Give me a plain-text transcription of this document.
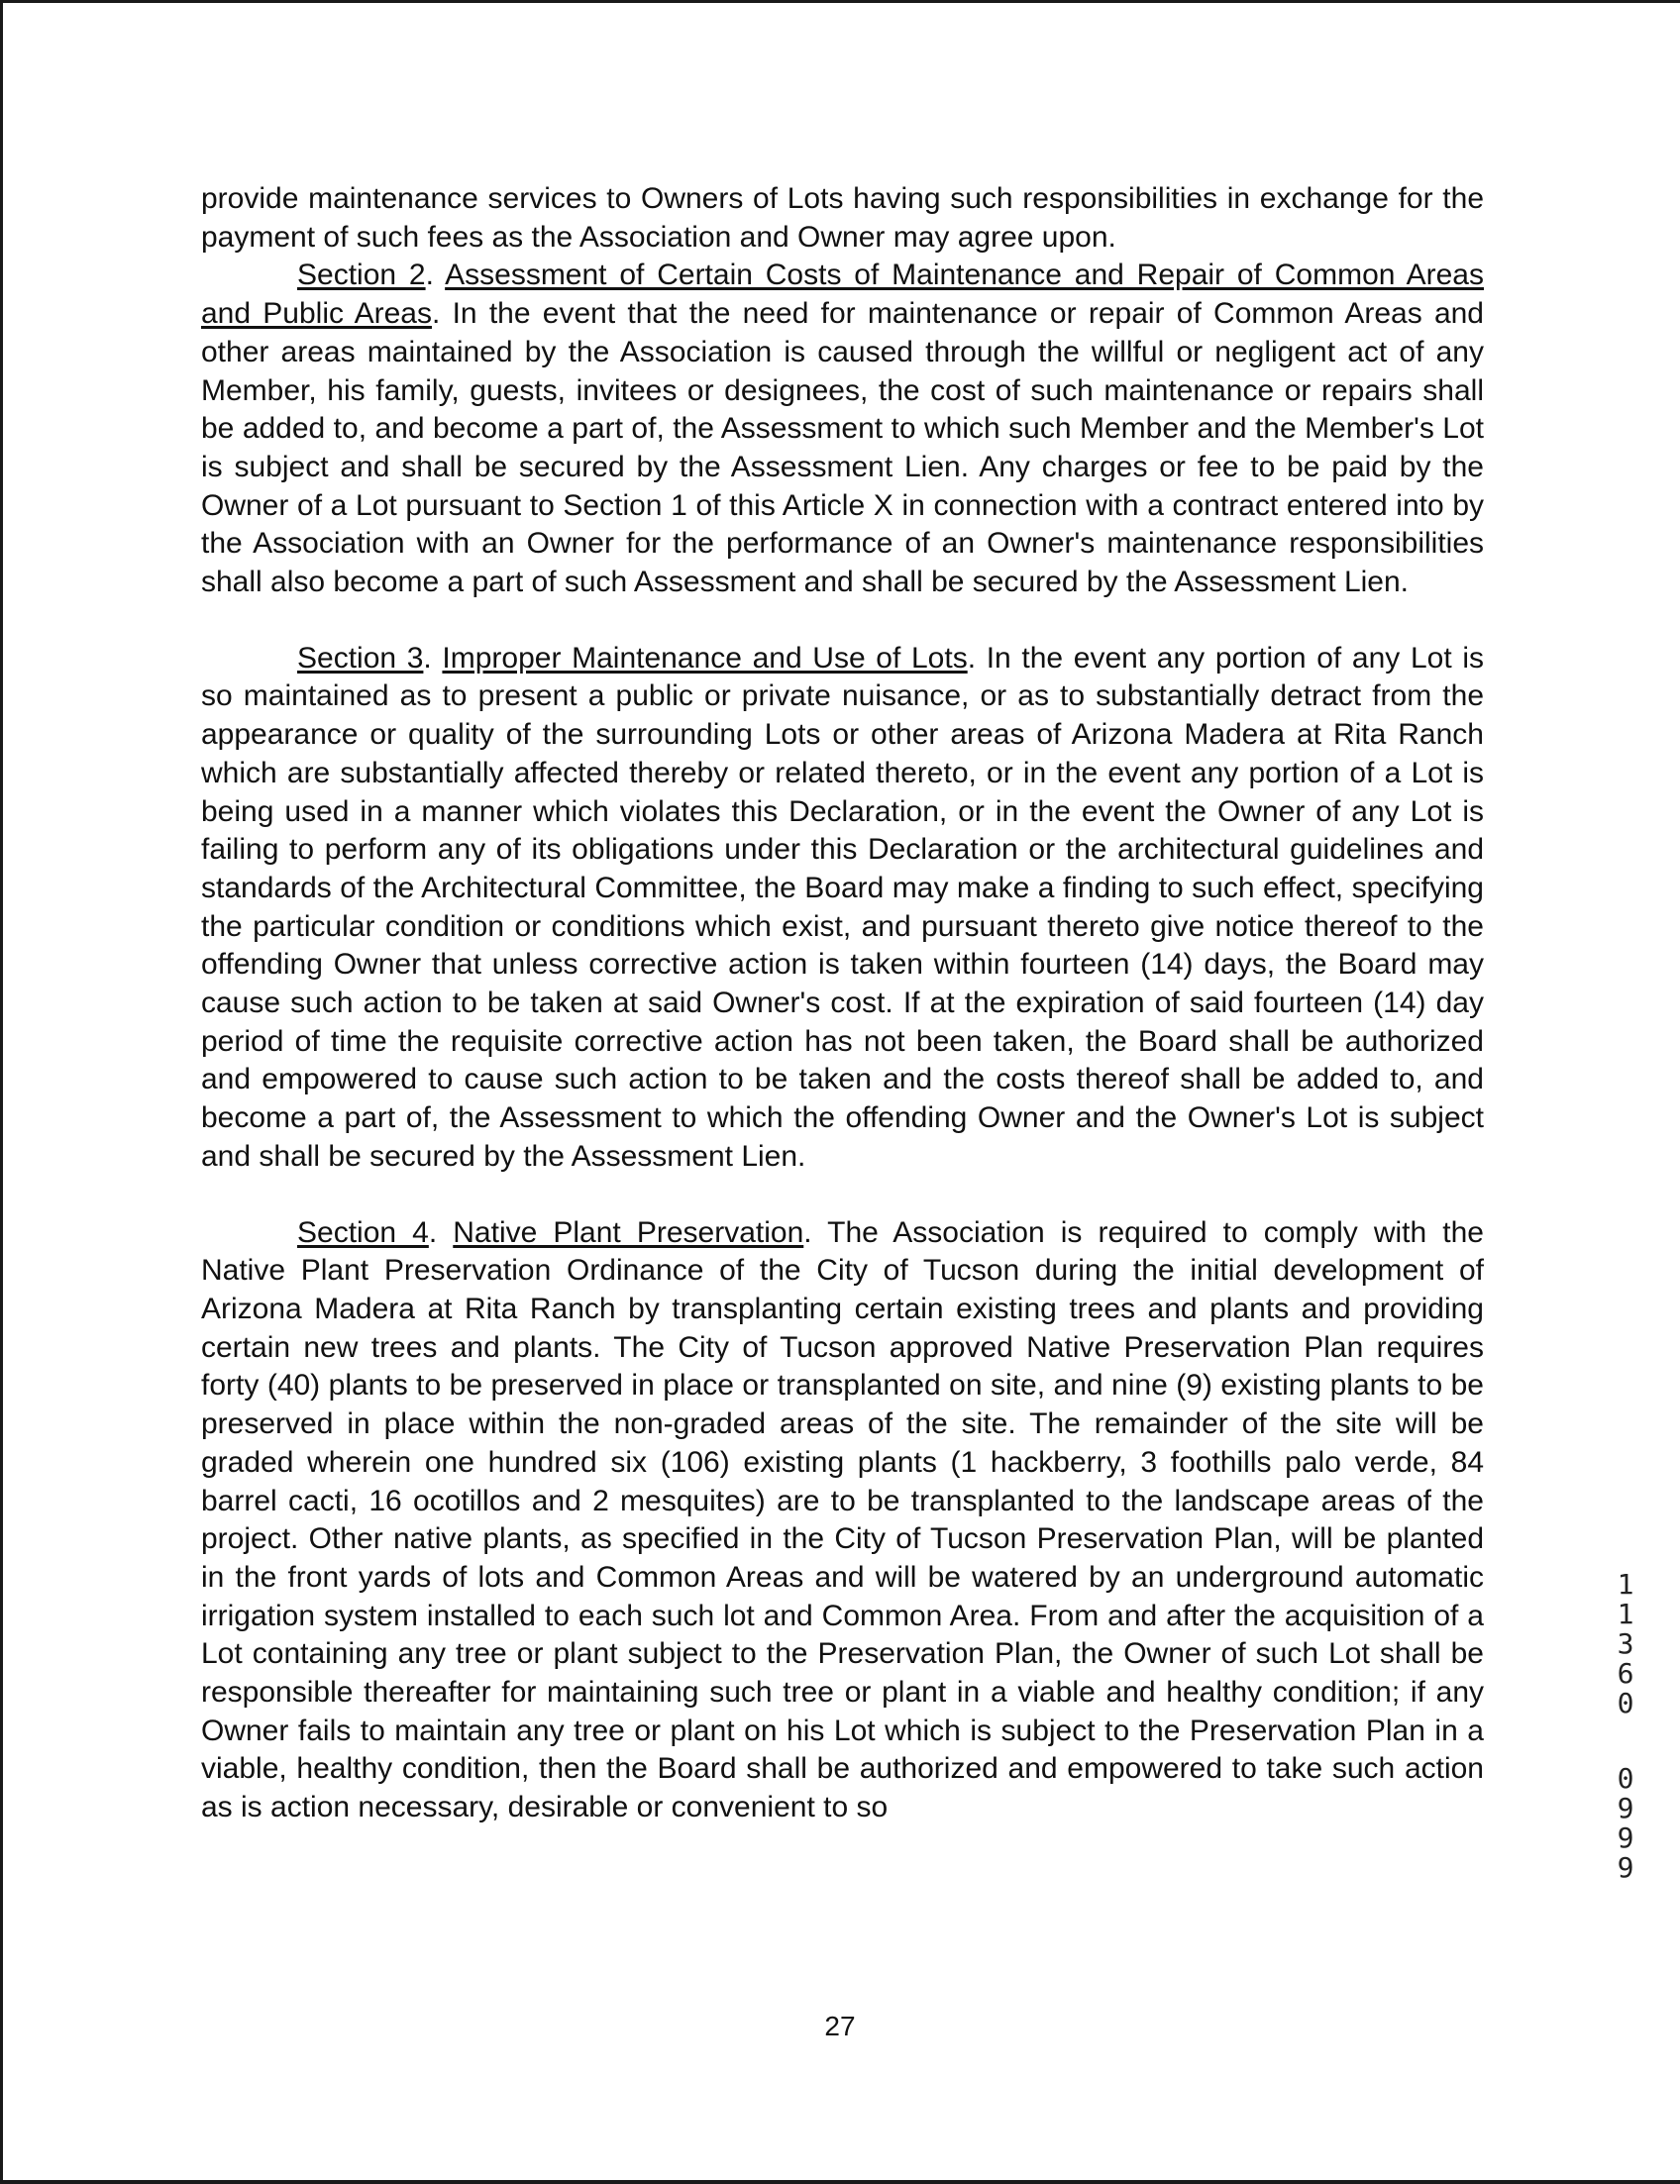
provide maintenance services to Owners of Lots having such responsibilities in exchange for the payment of such fees as the Association and Owner may agree upon.

Section 2. Assessment of Certain Costs of Maintenance and Repair of Common Areas and Public Areas. In the event that the need for maintenance or repair of Common Areas and other areas maintained by the Association is caused through the willful or negligent act of any Member, his family, guests, invitees or designees, the cost of such maintenance or repairs shall be added to, and become a part of, the Assessment to which such Member and the Member's Lot is subject and shall be secured by the Assessment Lien. Any charges or fee to be paid by the Owner of a Lot pursuant to Section 1 of this Article X in connection with a contract entered into by the Association with an Owner for the performance of an Owner's maintenance responsibilities shall also become a part of such Assessment and shall be secured by the Assessment Lien.

Section 3. Improper Maintenance and Use of Lots. In the event any portion of any Lot is so maintained as to present a public or private nuisance, or as to substantially detract from the appearance or quality of the surrounding Lots or other areas of Arizona Madera at Rita Ranch which are substantially affected thereby or related thereto, or in the event any portion of a Lot is being used in a manner which violates this Declaration, or in the event the Owner of any Lot is failing to perform any of its obligations under this Declaration or the architectural guidelines and standards of the Architectural Committee, the Board may make a finding to such effect, specifying the particular condition or conditions which exist, and pursuant thereto give notice thereof to the offending Owner that unless corrective action is taken within fourteen (14) days, the Board may cause such action to be taken at said Owner's cost. If at the expiration of said fourteen (14) day period of time the requisite corrective action has not been taken, the Board shall be authorized and empowered to cause such action to be taken and the costs thereof shall be added to, and become a part of, the Assessment to which the offending Owner and the Owner's Lot is subject and shall be secured by the Assessment Lien.

Section 4. Native Plant Preservation. The Association is required to comply with the Native Plant Preservation Ordinance of the City of Tucson during the initial development of Arizona Madera at Rita Ranch by transplanting certain existing trees and plants and providing certain new trees and plants. The City of Tucson approved Native Preservation Plan requires forty (40) plants to be preserved in place or transplanted on site, and nine (9) existing plants to be preserved in place within the non-graded areas of the site. The remainder of the site will be graded wherein one hundred six (106) existing plants (1 hackberry, 3 foothills palo verde, 84 barrel cacti, 16 ocotillos and 2 mesquites) are to be transplanted to the landscape areas of the project. Other native plants, as specified in the City of Tucson Preservation Plan, will be planted in the front yards of lots and Common Areas and will be watered by an underground automatic irrigation system installed to each such lot and Common Area. From and after the acquisition of a Lot containing any tree or plant subject to the Preservation Plan, the Owner of such Lot shall be responsible thereafter for maintaining such tree or plant in a viable and healthy condition; if any Owner fails to maintain any tree or plant on his Lot which is subject to the Preservation Plan in a viable, healthy condition, then the Board shall be authorized and empowered to take such action as is action necessary, desirable or convenient to so

27
1
1
3
6
0
0
9
9
9
